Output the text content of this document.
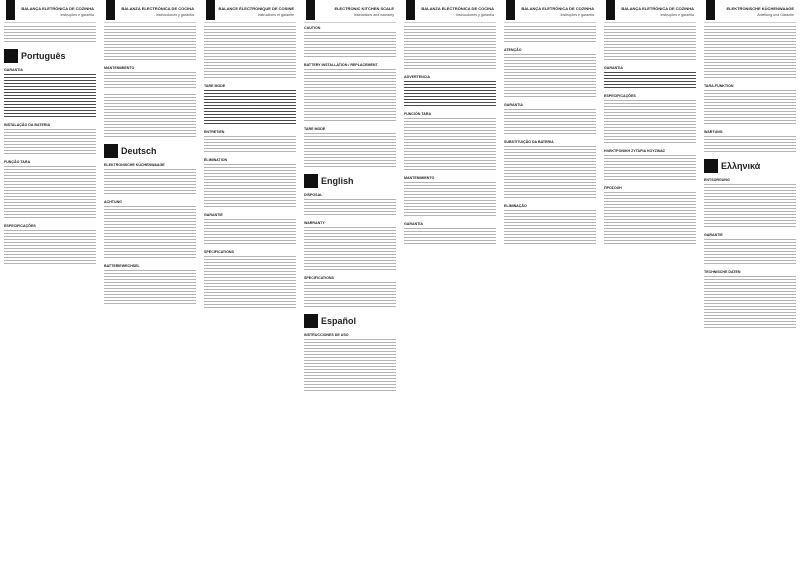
BALANÇA ELETRÓNICA DE COZINHA
Instruções e garantia
Português
GARANTIA
INSTALAÇÃO DA BATERIA
FUNÇÃO TARA
ESPECIFICAÇÕES
BALANZA ELECTRÓNICA DE COCINA
Instrucciones y garantía
MANTENIMIENTO
Deutsch
ELEKTRONISCHE KÜCHENWAAGE
ACHTUNG
BATTERIEWECHSEL
BALANCE ÉLECTRONIQUE DE COSINE
Instructions et garantie
TARE MODE
ENTRETIEN
ÉLIMINATION
GARANTIE
SPÉCIFICATIONS
ELECTRONIC KITCHEN SCALE
Instructions and warranty
CAUTION
BATTERY INSTALLATION / REPLACEMENT
TARE MODE
English
DISPOSAL
WARRANTY
SPECIFICATIONS
Español
INSTRUCCIONES DE USO
BALANZA ELECTRÓNICA DE COCINA
Instrucciones y garantía
ADVERTENCIA
FUNCIÓN TARA
MANTENIMIENTO
GARANTÍA
BALANÇA ELETRÓNICA DE COZINHA
Instruções e garantia
ATENÇÃO
GARANTIA
SUBSTITUIÇÃO DA BATERIA
ELIMINAÇÃO
BALANÇA ELETRÓNICA DE COZINHA
Instruções e garantia
GARANTIA
ESPECIFICAÇÕES
ΗΛΕΚΤΡΟΝΙΚΗ ΖΥΓΑΡΙΑ ΚΟΥΖΙΝΑΣ
ΠΡΟΣΟΧΗ
ELEKTRONISCHE KÜCHENWAAGE
Anleitung und Garantie
TARA-FUNKTION
WARTUNG
Ελληνικά
ENTSORGUNG
GARANTIE
TECHNISCHE DATEN
